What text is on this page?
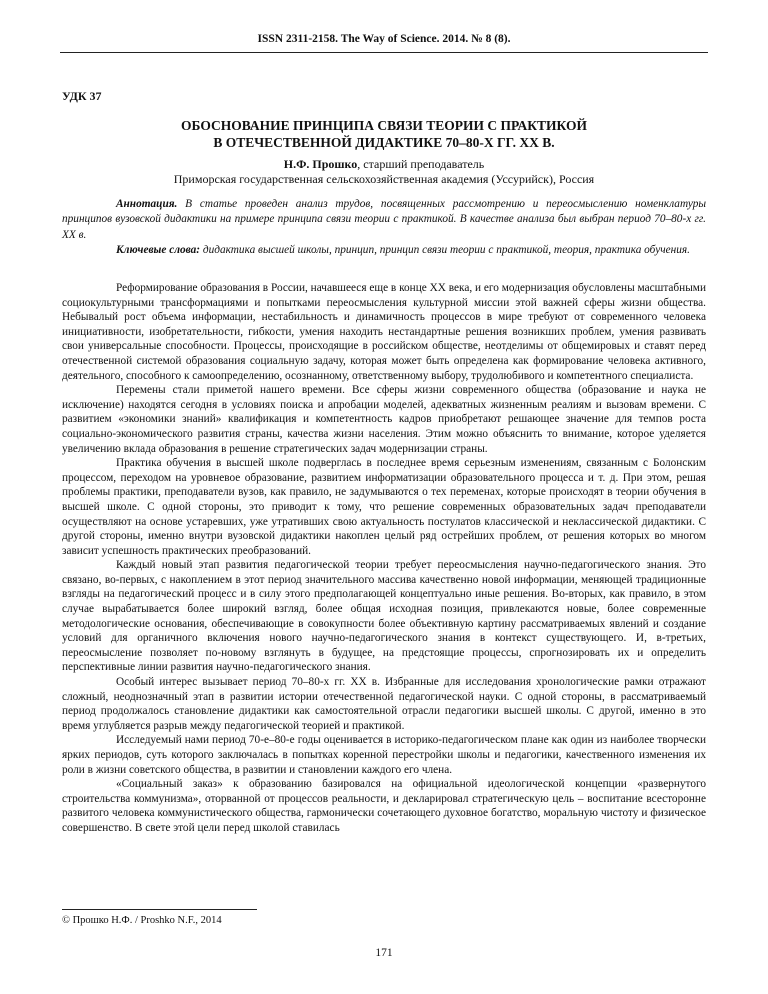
ISSN 2311-2158. The Way of Science. 2014. № 8 (8).
УДК 37
ОБОСНОВАНИЕ ПРИНЦИПА СВЯЗИ ТЕОРИИ С ПРАКТИКОЙ
В ОТЕЧЕСТВЕННОЙ ДИДАКТИКЕ 70–80-Х ГГ. XX В.
Н.Ф. Прошко, старший преподаватель
Приморская государственная сельскохозяйственная академия (Уссурийск), Россия
Аннотация. В статье проведен анализ трудов, посвященных рассмотрению и переосмыслению номенклатуры принципов вузовской дидактики на примере принципа связи теории с практикой. В качестве анализа был выбран период 70–80-х гг. XX в.
Ключевые слова: дидактика высшей школы, принцип, принцип связи теории с практикой, теория, практика обучения.

Реформирование образования в России, начавшееся еще в конце XX века, и его модернизация обусловлены масштабными социокультурными трансформациями и попытками переосмысления культурной миссии этой важней сферы жизни общества. Небывалый рост объема информации, нестабильность и динамичность процессов в мире требуют от современного человека инициативности, изобретательности, гибкости, умения находить нестандартные решения возникших проблем, умения развивать свои универсальные способности. Процессы, происходящие в российском обществе, неотделимы от общемировых и ставят перед отечественной системой образования социальную задачу, которая может быть определена как формирование человека активного, деятельного, способного к самоопределению, осознанному, ответственному выбору, трудолюбивого и компетентного специалиста.

Перемены стали приметой нашего времени. Все сферы жизни современного общества (образование и наука не исключение) находятся сегодня в условиях поиска и апробации моделей, адекватных жизненным реалиям и вызовам времени. С развитием «экономики знаний» квалификация и компетентность кадров приобретают решающее значение для темпов роста социально-экономического развития страны, качества жизни населения. Этим можно объяснить то внимание, которое уделяется увеличению вклада образования в решение стратегических задач модернизации страны.

Практика обучения в высшей школе подверглась в последнее время серьезным изменениям, связанным с Болонским процессом, переходом на уровневое образование, развитием информатизации образовательного процесса и т. д. При этом, решая проблемы практики, преподаватели вузов, как правило, не задумываются о тех переменах, которые происходят в теории обучения в высшей школе. С одной стороны, это приводит к тому, что решение современных образовательных задач преподаватели осуществляют на основе устаревших, уже утративших свою актуальность постулатов классической и неклассической дидактики. С другой стороны, именно внутри вузовской дидактики накоплен целый ряд острейших проблем, от решения которых во многом зависит успешность практических преобразований.

Каждый новый этап развития педагогической теории требует переосмысления научно-педагогического знания. Это связано, во-первых, с накоплением в этот период значительного массива качественно новой информации, меняющей традиционные взгляды на педагогический процесс и в силу этого предполагающей концептуально иные решения. Во-вторых, как правило, в этом случае вырабатывается более широкий взгляд, более общая исходная позиция, привлекаются новые, более современные методологические основания, обеспечивающие в совокупности более объективную картину рассматриваемых явлений и создание условий для органичного включения нового научно-педагогического знания в контекст существующего. И, в-третьих, переосмысление позволяет по-новому взглянуть в будущее, на предстоящие процессы, спрогнозировать их и определить перспективные линии развития научно-педагогического знания.

Особый интерес вызывает период 70–80-х гг. XX в. Избранные для исследования хронологические рамки отражают сложный, неоднозначный этап в развитии истории отечественной педагогической науки. С одной стороны, в рассматриваемый период продолжалось становление дидактики как самостоятельной отрасли педагогики высшей школы. С другой, именно в это время углубляется разрыв между педагогической теорией и практикой.

Исследуемый нами период 70-е–80-е годы оценивается в историко-педагогическом плане как один из наиболее творчески ярких периодов, суть которого заключалась в попытках коренной перестройки школы и педагогики, качественного изменения их роли в жизни советского общества, в развитии и становлении каждого его члена.

«Социальный заказ» к образованию базировался на официальной идеологической концепции «развернутого строительства коммунизма», оторванной от процессов реальности, и декларировал стратегическую цель – воспитание всесторонне развитого человека коммунистического общества, гармонически сочетающего духовное богатство, моральную чистоту и физическое совершенство. В свете этой цели перед школой ставилась

© Прошко Н.Ф. / Proshko N.F., 2014
171
